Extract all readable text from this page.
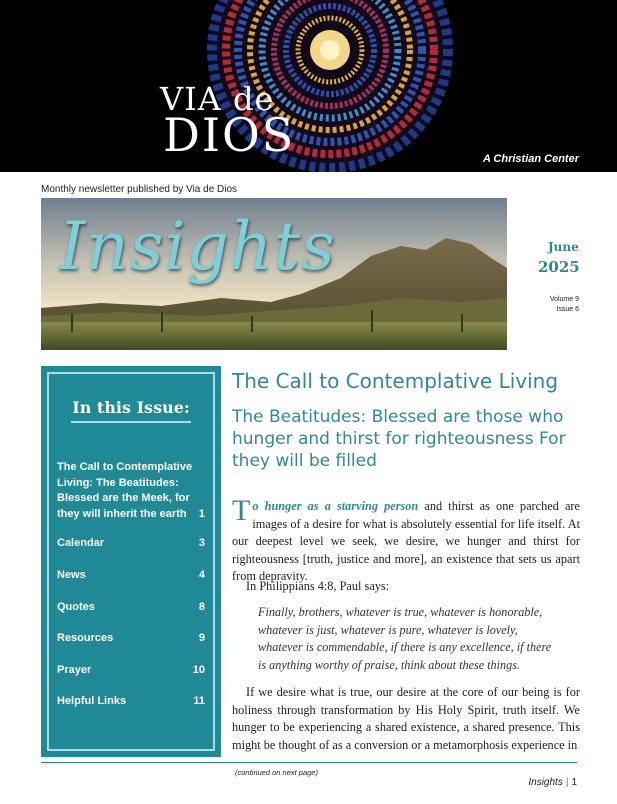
VIA de
DIOS	A Christian Center
Monthly newsletter published by Via de Dios
Insights	June
2025
Volume 9
Issue 6
In this Issue:
The Call to Contemplative Living: The Beatitudes: Blessed are the Meek, for they will inherit the earth	1
Calendar	3
News	4
Quotes	8
Resources	9
Prayer	10
Helpful Links	11
The Call to Contemplative Living
The Beatitudes: Blessed are those who hunger and thirst for righteousness For they will be filled
To hunger as a starving person and thirst as one parched are images of a desire for what is absolutely essential for life itself. At our deepest level we seek, we desire, we hunger and thirst for righteousness [truth, justice and more], an existence that sets us apart from depravity.
In Philippians 4:8, Paul says:
Finally, brothers, whatever is true, whatever is honorable, whatever is just, whatever is pure, whatever is lovely, whatever is commendable, if there is any excellence, if there is anything worthy of praise, think about these things.
If we desire what is true, our desire at the core of our being is for holiness through transformation by His Holy Spirit, truth itself. We hunger to be experiencing a shared existence, a shared presence. This might be thought of as a conversion or a metamorphosis experience in
(continued on next page)
Insights | 1
